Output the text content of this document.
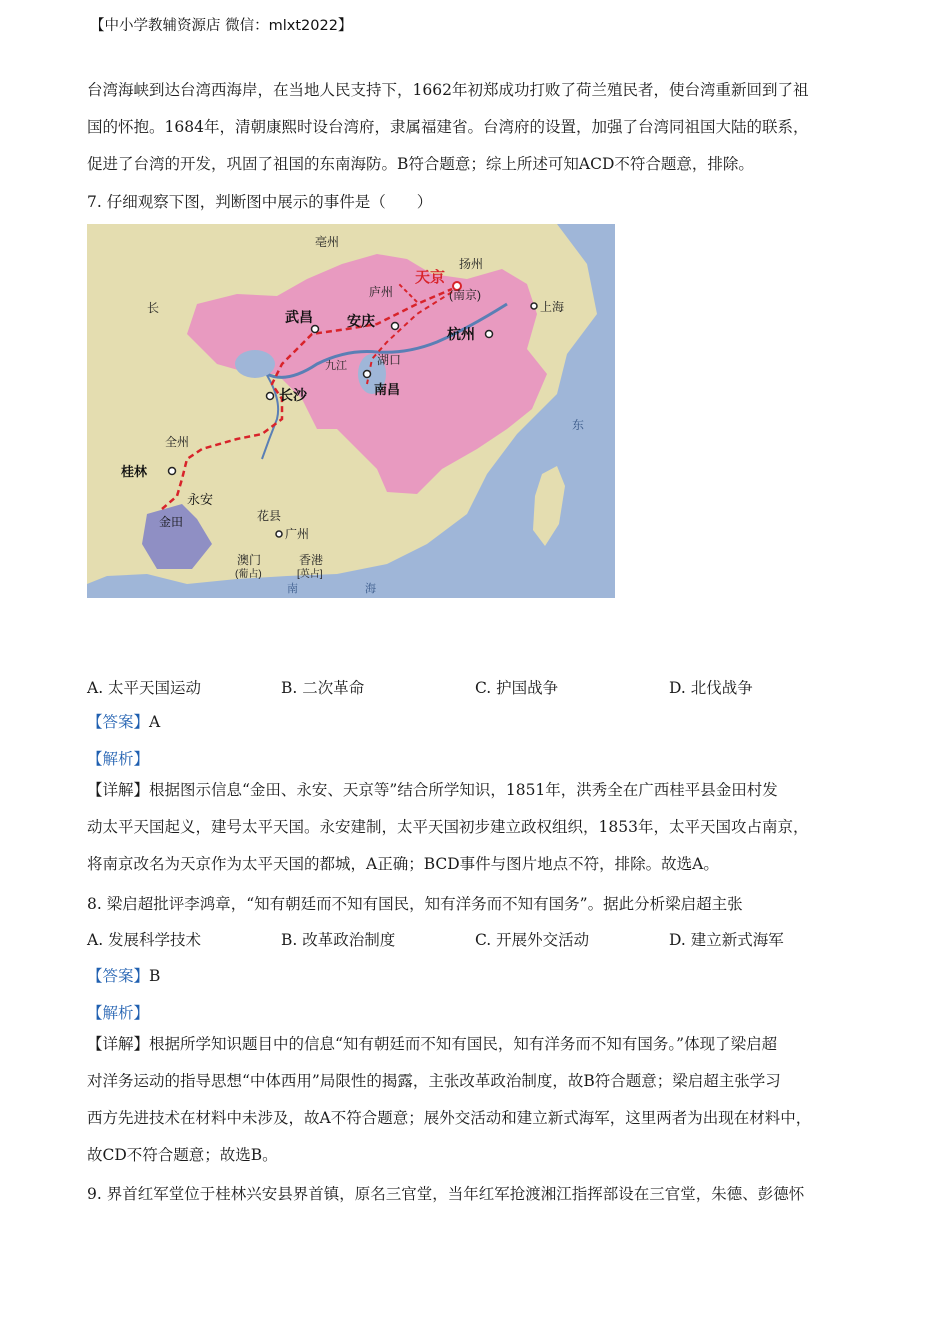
【中小学教辅资源店 微信：mlxt2022】
台湾海峡到达台湾西海岸，在当地人民支持下，1662年初郑成功打败了荷兰殖民者，使台湾重新回到了祖
国的怀抱。1684年，清朝康熙时设台湾府，隶属福建省。台湾府的设置，加强了台湾同祖国大陆的联系，
促进了台湾的开发，巩固了祖国的东南海防。B符合题意；综上所述可知ACD不符合题意，排除。
7. 仔细观察下图，判断图中展示的事件是（　　）
亳州
扬州
天京
(南京)
庐州
上海
武昌 安庆
杭州
九江	湖口
南昌
长沙
全州
桂林
永安
金田	花县
广州
澳门	香港
(葡占)	[英占]
南	海
东
长
A. 太平天国运动	B. 二次革命	C. 护国战争	D. 北伐战争
【答案】A
【解析】
【详解】根据图示信息“金田、永安、天京等”结合所学知识，1851年，洪秀全在广西桂平县金田村发
动太平天国起义，建号太平天国。永安建制，太平天国初步建立政权组织，1853年，太平天国攻占南京，
将南京改名为天京作为太平天国的都城，A正确；BCD事件与图片地点不符，排除。故选A。
8. 梁启超批评李鸿章，“知有朝廷而不知有国民，知有洋务而不知有国务”。据此分析梁启超主张
A. 发展科学技术	B. 改革政治制度	C. 开展外交活动	D. 建立新式海军
【答案】B
【解析】
【详解】根据所学知识题目中的信息“知有朝廷而不知有国民，知有洋务而不知有国务。”体现了梁启超
对洋务运动的指导思想“中体西用”局限性的揭露，主张改革政治制度，故B符合题意；梁启超主张学习
西方先进技术在材料中未涉及，故A不符合题意；展外交活动和建立新式海军，这里两者为出现在材料中，
故CD不符合题意；故选B。
9. 界首红军堂位于桂林兴安县界首镇，原名三官堂，当年红军抢渡湘江指挥部设在三官堂，朱德、彭德怀
